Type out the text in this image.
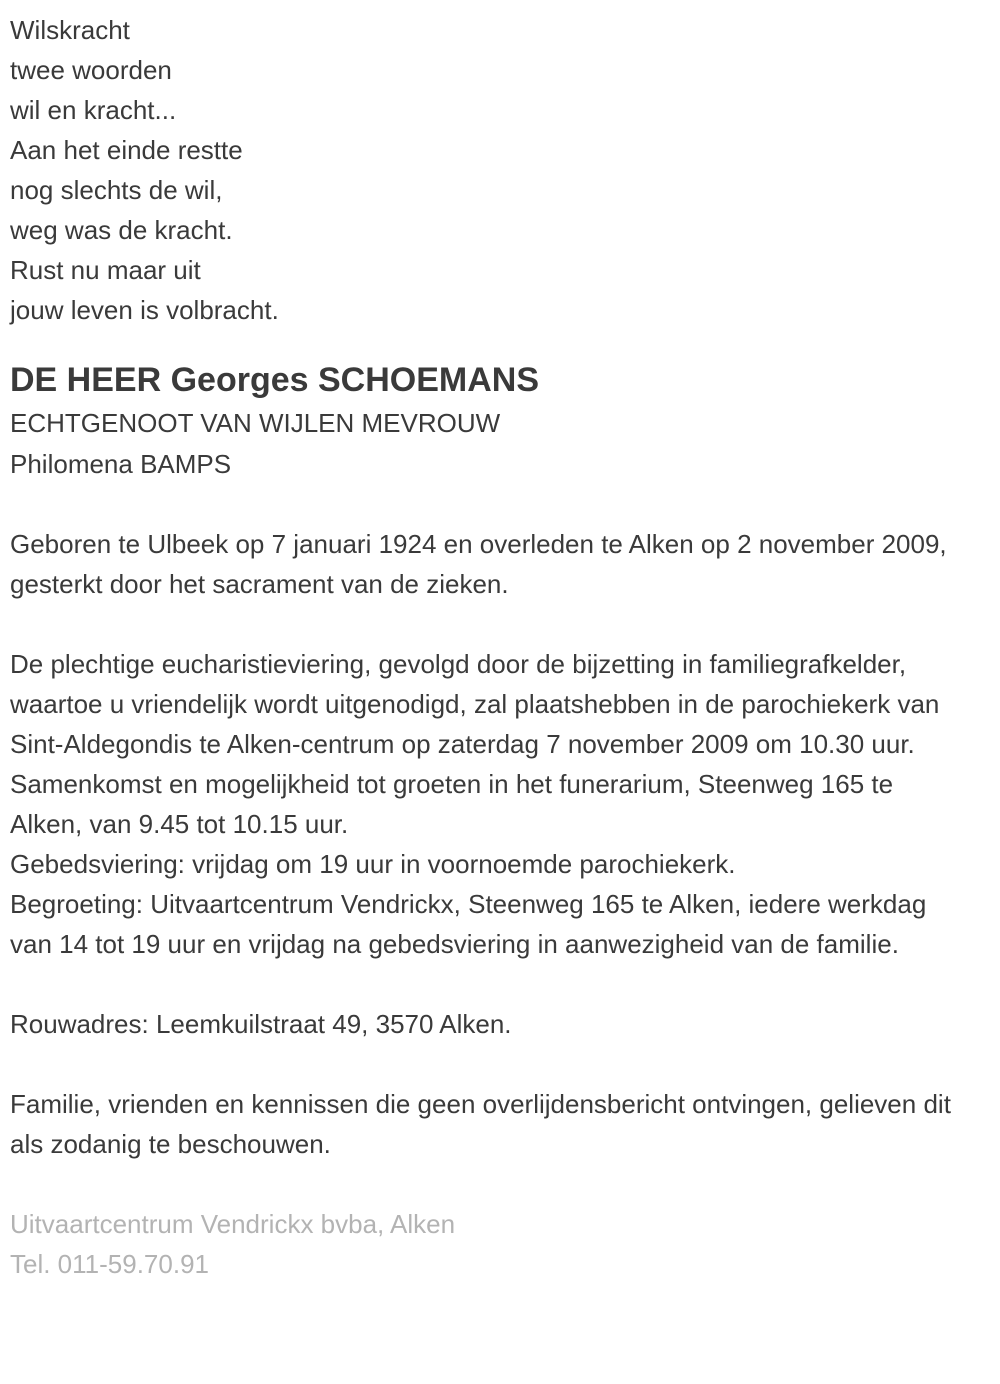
Wilskracht

twee woorden

wil en kracht...

Aan het einde restte

nog slechts de wil,

weg was de kracht.

Rust nu maar uit

jouw leven is volbracht.

DE HEER Georges SCHOEMANS

ECHTGENOOT VAN WIJLEN MEVROUW

Philomena BAMPS

Geboren te Ulbeek op 7 januari 1924 en overleden te Alken op 2 november 2009, gesterkt door het sacrament van de zieken.

De plechtige eucharistieviering, gevolgd door de bijzetting in familiegrafkelder, waartoe u vriendelijk wordt uitgenodigd, zal plaatshebben in de parochiekerk van Sint-Aldegondis te Alken-centrum op zaterdag 7 november 2009 om 10.30 uur.

Samenkomst en mogelijkheid tot groeten in het funerarium, Steenweg 165 te Alken, van 9.45 tot 10.15 uur.

Gebedsviering: vrijdag om 19 uur in voornoemde parochiekerk.

Begroeting: Uitvaartcentrum Vendrickx, Steenweg 165 te Alken, iedere werkdag van 14 tot 19 uur en vrijdag na gebedsviering in aanwezigheid van de familie.

Rouwadres: Leemkuilstraat 49, 3570 Alken.

Familie, vrienden en kennissen die geen overlijdensbericht ontvingen, gelieven dit als zodanig te beschouwen.

Uitvaartcentrum Vendrickx bvba, Alken

Tel. 011-59.70.91
